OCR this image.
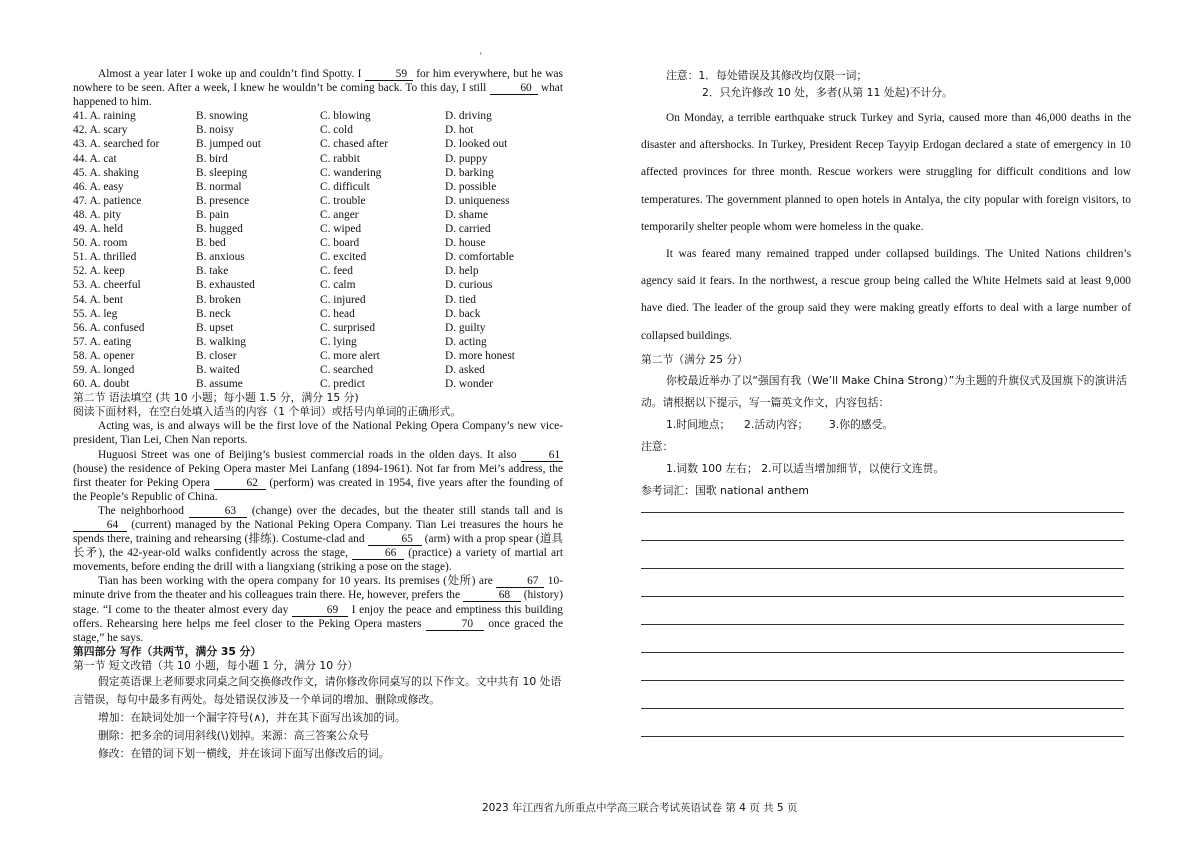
'

Almost a year later I woke up and couldn’t find Spotty. I	59 for him everywhere, but he was nowhere to be seen. After a week, I knew he wouldn’t be coming back. To this day, I still	60 what happened to him.

41. A. raining	B. snowing	C. blowing	D. driving
42. A. scary	B. noisy	C. cold	D. hot
43. A. searched for	B. jumped out	C. chased after	D. looked out
44. A. cat	B. bird	C. rabbit	D. puppy
45. A. shaking	B. sleeping	C. wandering	D. barking
46. A. easy	B. normal	C. difficult	D. possible
47. A. patience	B. presence	C. trouble	D. uniqueness
48. A. pity	B. pain	C. anger	D. shame
49. A. held	B. hugged	C. wiped	D. carried
50. A. room	B. bed	C. board	D. house
51. A. thrilled	B. anxious	C. excited	D. comfortable
52. A. keep	B. take	C. feed	D. help
53. A. cheerful	B. exhausted	C. calm	D. curious
54. A. bent	B. broken	C. injured	D. tied
55. A. leg	B. neck	C. head	D. back
56. A. confused	B. upset	C. surprised	D. guilty
57. A. eating	B. walking	C. lying	D. acting
58. A. opener	B. closer	C. more alert	D. more honest
59. A. longed	B. waited	C. searched	D. asked
60. A. doubt	B. assume	C. predict	D. wonder

第二节 语法填空 (共 10 小题；每小题 1.5 分，满分 15 分)

阅读下面材料，在空白处填入适当的内容（1 个单词）或括号内单词的正确形式。

Acting was, is and always will be the first love of the National Peking Opera Company’s new vice-president, Tian Lei, Chen Nan reports.

Huguosi Street was one of Beijing’s busiest commercial roads in the olden days. It also 61 (house) the residence of Peking Opera master Mei Lanfang (1894-1961). Not far from Mei’s address, the first theater for Peking Opera	62 (perform) was created in 1954, five years after the founding of the People’s Republic of China.

The neighborhood	63 (change) over the decades, but the theater still stands tall and is 64 (current) managed by the National Peking Opera Company. Tian Lei treasures the hours he spends there, training and rehearsing (排练). Costume-clad and	65 (arm) with a prop spear (道具长矛), the 42-year-old walks confidently across the stage,	66 (practice) a variety of martial art movements, before ending the drill with a liangxiang (striking a pose on the stage).

Tian has been working with the opera company for 10 years. Its premises (处所) are	67 10-minute drive from the theater and his colleagues train there. He, however, prefers the	68 (history) stage. “I come to the theater almost every day	69 I enjoy the peace and emptiness this building offers. Rehearsing here helps me feel closer to the Peking Opera masters	70 once graced the stage,” he says.

第四部分 写作（共两节，满分 35 分）

第一节 短文改错（共 10 小题，每小题 1 分，满分 10 分）

假定英语课上老师要求同桌之间交换修改作文，请你修改你同桌写的以下作文。文中共有 10 处语言错误，每句中最多有两处。每处错误仅涉及一个单词的增加、删除或修改。

增加：在缺词处加一个漏字符号(∧)，并在其下面写出该加的词。

删除：把多余的词用斜线(\)划掉。来源：高三答案公众号

修改：在错的词下划一横线，并在该词下面写出修改后的词。

注意：1．每处错误及其修改均仅限一词；

2．只允许修改 10 处，多者(从第 11 处起)不计分。

On Monday, a terrible earthquake struck Turkey and Syria, caused more than 46,000 deaths in the disaster and aftershocks. In Turkey, President Recep Tayyip Erdogan declared a state of emergency in 10 affected provinces for three month. Rescue workers were struggling for difficult conditions and low temperatures. The government planned to open hotels in Antalya, the city popular with foreign visitors, to temporarily shelter people whom were homeless in the quake.

It was feared many remained trapped under collapsed buildings. The United Nations children’s agency said it fears. In the northwest, a rescue group being called the White Helmets said at least 9,000 have died. The leader of the group said they were making greatly efforts to deal with a large number of collapsed buildings.

第二节（满分 25 分）

你校最近举办了以“强国有我（We’ll Make China Strong）”为主题的升旗仪式及国旗下的演讲活动。请根据以下提示，写一篇英文作文，内容包括：

1.时间地点；    2.活动内容；      3.你的感受。

注意：

1.词数 100 左右； 2.可以适当增加细节，以使行文连贯。

参考词汇：国歌 national anthem

2023 年江西省九所重点中学高三联合考试英语试卷 第 4 页 共 5 页
